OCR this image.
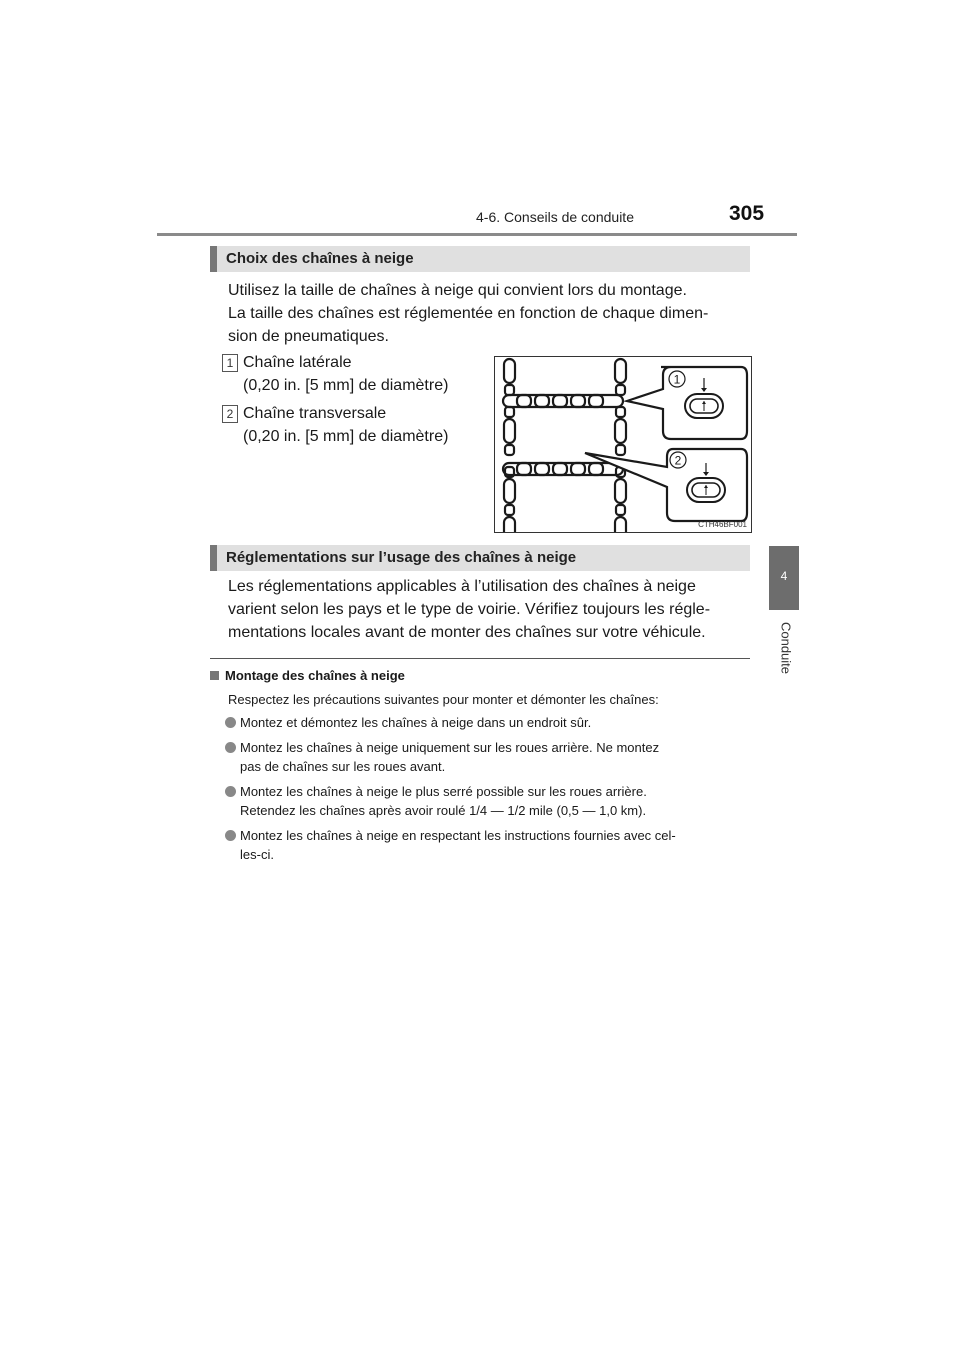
4-6. Conseils de conduite	305
4
Conduite
Choix des chaînes à neige
Utilisez la taille de chaînes à neige qui convient lors du montage.
La taille des chaînes est réglementée en fonction de chaque dimen-
sion de pneumatiques.
1 Chaîne latérale
(0,20 in. [5 mm] de diamètre)
2 Chaîne transversale
(0,20 in. [5 mm] de diamètre)
1
2
CTH46BF001
Réglementations sur l’usage des chaînes à neige
Les réglementations applicables à l’utilisation des chaînes à neige
varient selon les pays et le type de voirie. Vérifiez toujours les régle-
mentations locales avant de monter des chaînes sur votre véhicule.
Montage des chaînes à neige
Respectez les précautions suivantes pour monter et démonter les chaînes:
Montez et démontez les chaînes à neige dans un endroit sûr.
Montez les chaînes à neige uniquement sur les roues arrière. Ne montez
pas de chaînes sur les roues avant.
Montez les chaînes à neige le plus serré possible sur les roues arrière.
Retendez les chaînes après avoir roulé 1/4 — 1/2 mile (0,5 — 1,0 km).
Montez les chaînes à neige en respectant les instructions fournies avec cel-
les-ci.
